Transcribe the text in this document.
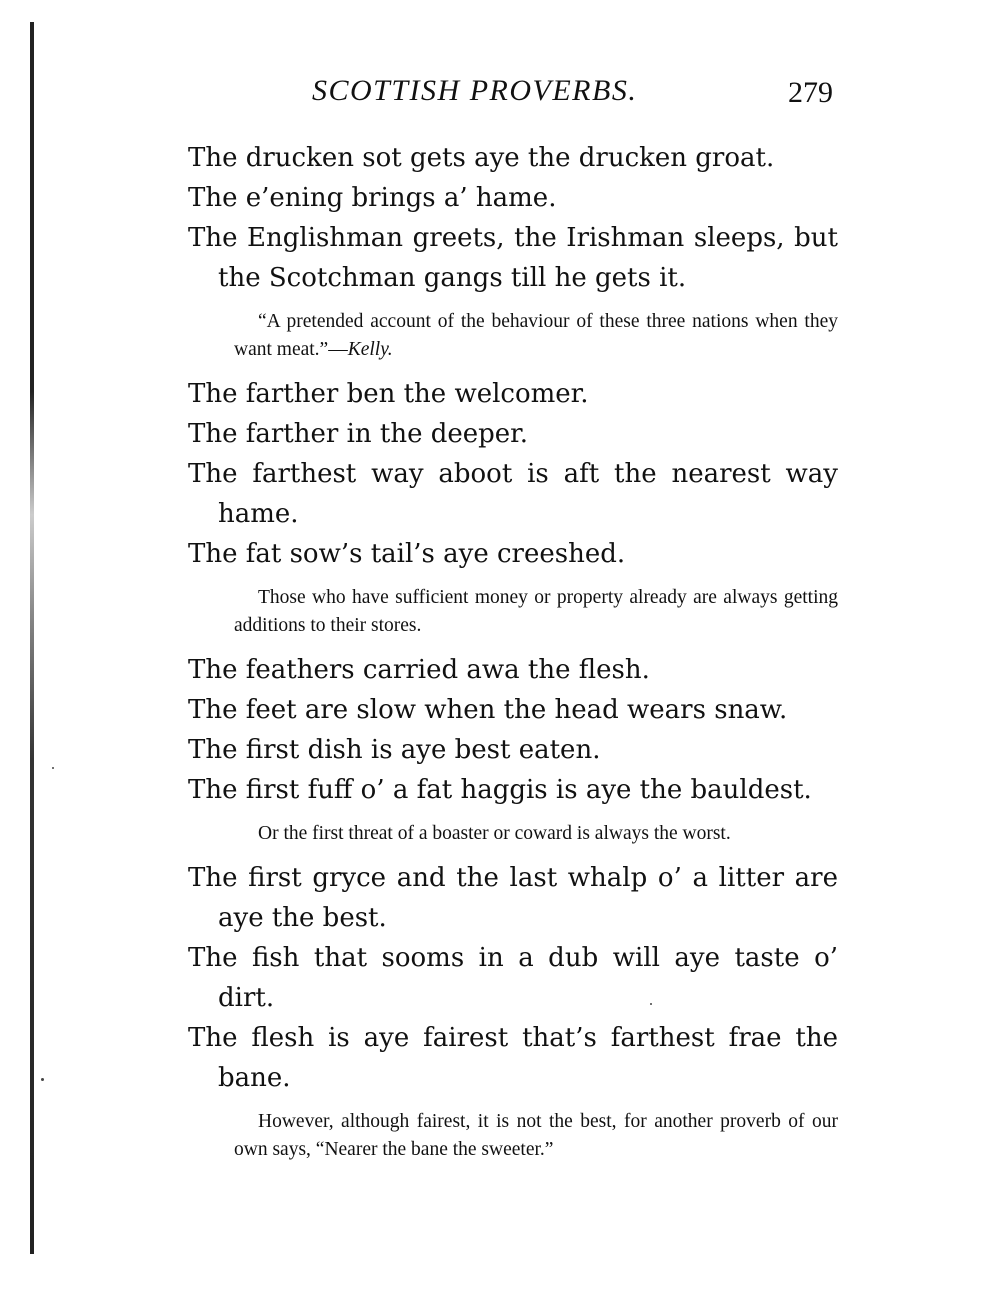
SCOTTISH PROVERBS.	279

The drucken sot gets aye the drucken groat.

The e’ening brings a’ hame.

The Englishman greets, the Irishman sleeps, but the Scotchman gangs till he gets it.

“A pretended account of the behaviour of these three nations when they want meat.”—Kelly.

The farther ben the welcomer.

The farther in the deeper.

The farthest way aboot is aft the nearest way hame.

The fat sow’s tail’s aye creeshed.

Those who have sufficient money or property already are always getting additions to their stores.

The feathers carried awa the flesh.

The feet are slow when the head wears snaw.

The first dish is aye best eaten.

The first fuff o’ a fat haggis is aye the bauldest.

Or the first threat of a boaster or coward is always the worst.

The first gryce and the last whalp o’ a litter are aye the best.

The fish that sooms in a dub will aye taste o’ dirt.

The flesh is aye fairest that’s farthest frae the bane.

However, although fairest, it is not the best, for another proverb of our own says, “Nearer the bane the sweeter.”
